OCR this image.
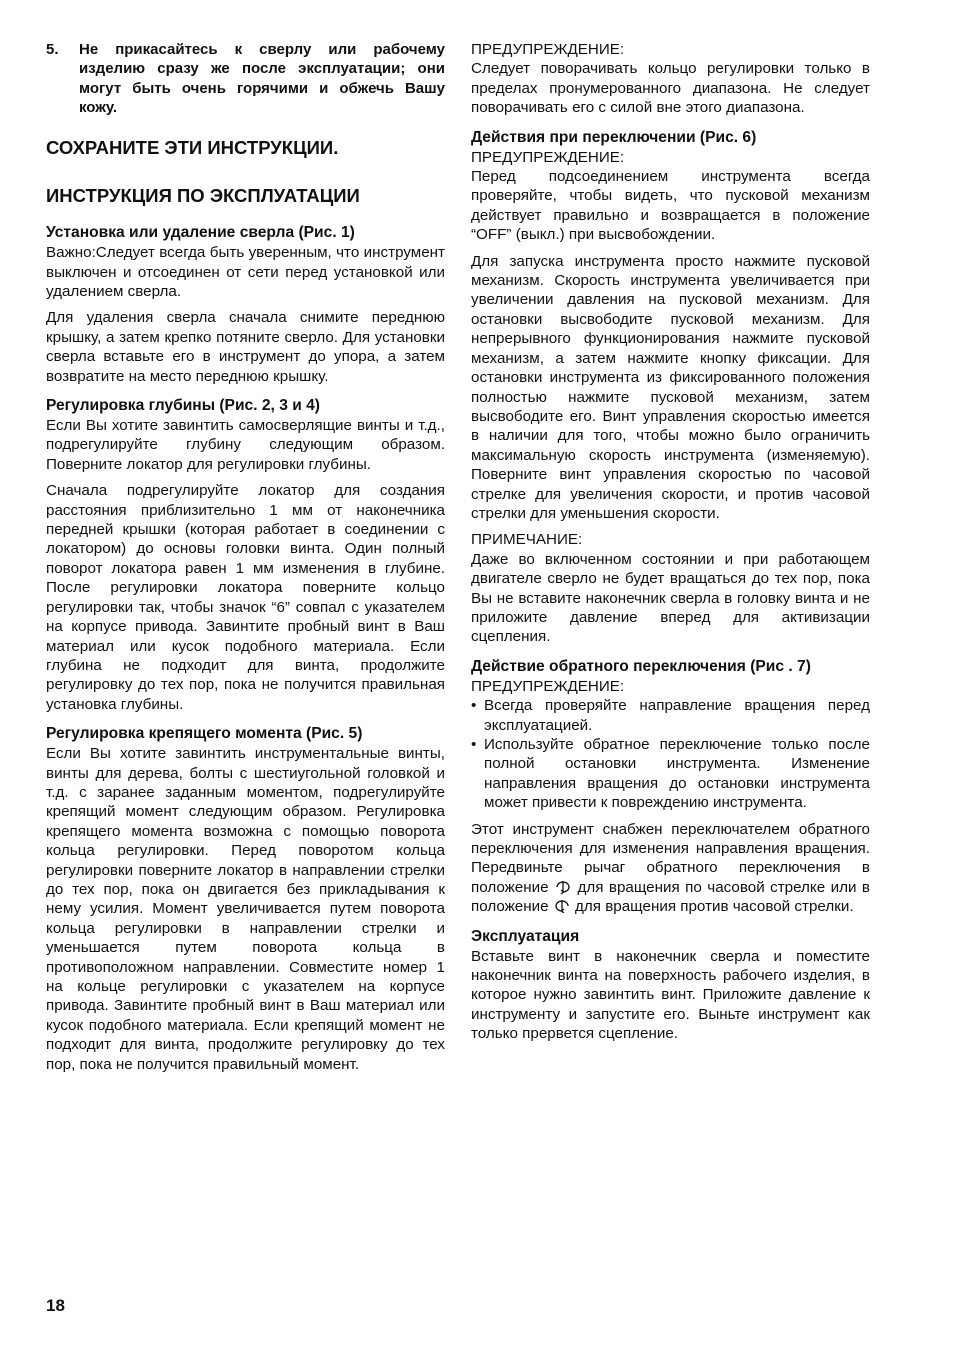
5.	Не прикасайтесь к сверлу или рабочему изделию сразу же после эксплуатации; они могут быть очень горячими и обжечь Вашу кожу.
СОХРАНИТЕ ЭТИ ИНСТРУКЦИИ.
ИНСТРУКЦИЯ ПО ЭКСПЛУАТАЦИИ
Установка или удаление сверла (Рис. 1)

Важно:Следует всегда быть уверенным, что инструмент выключен и отсоединен от сети перед установкой или удалением сверла.

Для удаления сверла сначала снимите переднюю крышку, а затем крепко потяните сверло. Для установки сверла вставьте его в инструмент до упора, а затем возвратите на место переднюю крышку.

Регулировка глубины (Рис. 2, 3 и 4)

Если Вы хотите завинтить самосверлящие винты и т.д., подрегулируйте глубину следующим образом. Поверните локатор для регулировки глубины.

Сначала подрегулируйте локатор для создания расстояния приблизительно 1 мм от наконечника передней крышки (которая работает в соединении с локатором) до основы головки винта. Один полный поворот локатора равен 1 мм изменения в глубине. После регулировки локатора поверните кольцо регулировки так, чтобы значок “6” совпал с указателем на корпусе привода. Завинтите пробный винт в Ваш материал или кусок подобного материала. Если глубина не подходит для винта, продолжите регулировку до тех пор, пока не получится правильная установка глубины.

Регулировка крепящего момента (Рис. 5)

Если Вы хотите завинтить инструментальные винты, винты для дерева, болты с шестиугольной головкой и т.д. с заранее заданным моментом, подрегулируйте крепящий момент следующим образом. Регулировка крепящего момента возможна с помощью поворота кольца регулировки. Перед поворотом кольца регулировки поверните локатор в направлении стрелки до тех пор, пока он двигается без прикладывания к нему усилия. Момент увеличивается путем поворота кольца регулировки в направлении стрелки и уменьшается путем поворота кольца в противоположном направлении. Совместите номер 1 на кольце регулировки с указателем на корпусе привода. Завинтите пробный винт в Ваш материал или кусок подобного материала. Если крепящий момент не подходит для винта, продолжите регулировку до тех пор, пока не получится правильный момент.

ПРЕДУПРЕЖДЕНИЕ:

Следует поворачивать кольцо регулировки только в пределах пронумерованного диапазона. Не следует поворачивать его с силой вне этого диапазона.

Действия при переключении (Рис. 6)

ПРЕДУПРЕЖДЕНИЕ:

Перед подсоединением инструмента всегда проверяйте, чтобы видеть, что пусковой механизм действует правильно и возвращается в положение “OFF” (выкл.) при высвобождении.

Для запуска инструмента просто нажмите пусковой механизм. Скорость инструмента увеличивается при увеличении давления на пусковой механизм. Для остановки высвободите пусковой механизм. Для непрерывного функционирования нажмите пусковой механизм, а затем нажмите кнопку фиксации. Для остановки инструмента из фиксированного положения полностью нажмите пусковой механизм, затем высвободите его. Винт управления скоростью имеется в наличии для того, чтобы можно было ограничить максимальную скорость инструмента (изменяемую). Поверните винт управления скоростью по часовой стрелке для увеличения скорости, и против часовой стрелки для уменьшения скорости.

ПРИМЕЧАНИЕ:

Даже во включенном состоянии и при работающем двигателе сверло не будет вращаться до тех пор, пока Вы не вставите наконечник сверла в головку винта и не приложите давление вперед для активизации сцепления.

Действие обратного переключения (Рис . 7)

ПРЕДУПРЕЖДЕНИЕ:

• Всегда проверяйте направление вращения перед эксплуатацией.
• Используйте обратное переключение только после полной остановки инструмента. Изменение направления вращения до остановки инструмента может привести к повреждению инструмента.

Этот инструмент снабжен переключателем обратного переключения для изменения направления вращения. Передвиньте рычаг обратного переключения в положение для вращения по часовой стрелке или в положение для вращения против часовой стрелки.

Эксплуатация

Вставьте винт в наконечник сверла и поместите наконечник винта на поверхность рабочего изделия, в которое нужно завинтить винт. Приложите давление к инструменту и запустите его. Выньте инструмент как только прервется сцепление.

18
